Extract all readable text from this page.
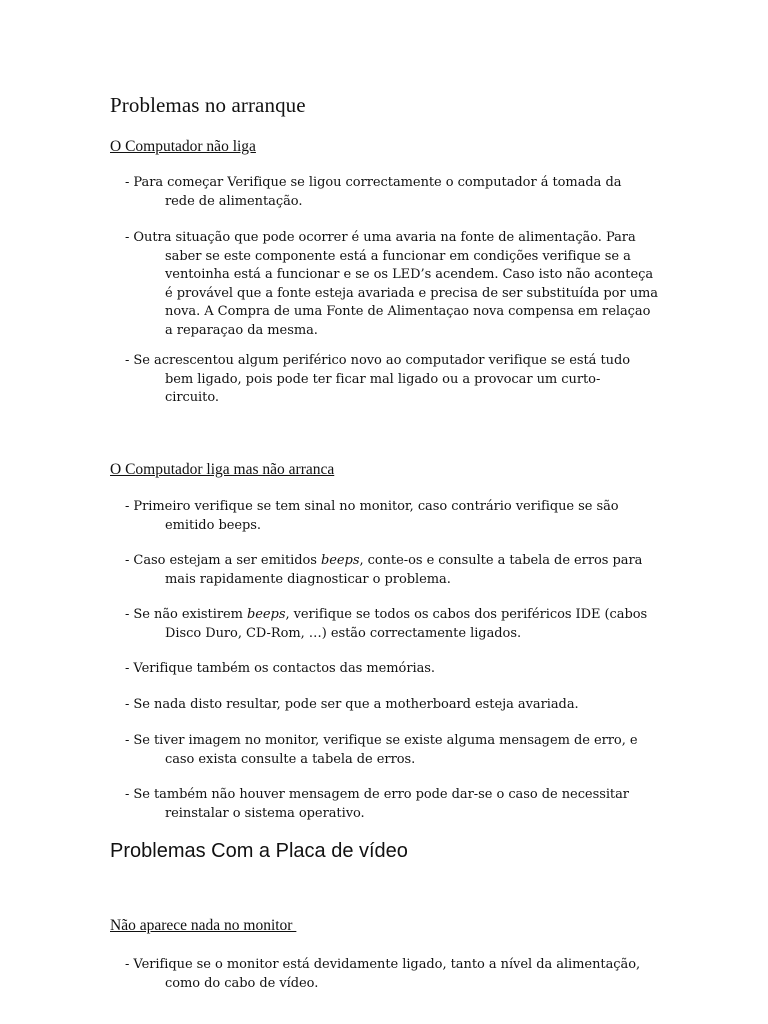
Problemas no arranque

O Computador não liga

- Para começar Verifique se ligou correctamente o computador á tomada da
rede de alimentação.
- Outra situação que pode ocorrer é uma avaria na fonte de alimentação. Para
saber se este componente está a funcionar em condições verifique se a
ventoinha está a funcionar e se os LED’s acendem. Caso isto não aconteça
é provável que a fonte esteja avariada e precisa de ser substituída por uma
nova. A Compra de uma Fonte de Alimentaçao nova compensa em relaçao
a reparaçao da mesma.
- Se acrescentou algum periférico novo ao computador verifique se está tudo
bem ligado, pois pode ter ficar mal ligado ou a provocar um curto-
circuito.

O Computador liga mas não arranca

- Primeiro verifique se tem sinal no monitor, caso contrário verifique se são
emitido beeps.
- Caso estejam a ser emitidos beeps, conte-os e consulte a tabela de erros para
mais rapidamente diagnosticar o problema.
- Se não existirem beeps, verifique se todos os cabos dos periféricos IDE (cabos
Disco Duro, CD-Rom, …) estão correctamente ligados.
- Verifique também os contactos das memórias.
- Se nada disto resultar, pode ser que a motherboard esteja avariada.
- Se tiver imagem no monitor, verifique se existe alguma mensagem de erro, e
caso exista consulte a tabela de erros.
- Se também não houver mensagem de erro pode dar-se o caso de necessitar
reinstalar o sistema operativo.
Problemas Com a Placa de vídeo

Não aparece nada no monitor

- Verifique se o monitor está devidamente ligado, tanto a nível da alimentação,
como do cabo de vídeo.
